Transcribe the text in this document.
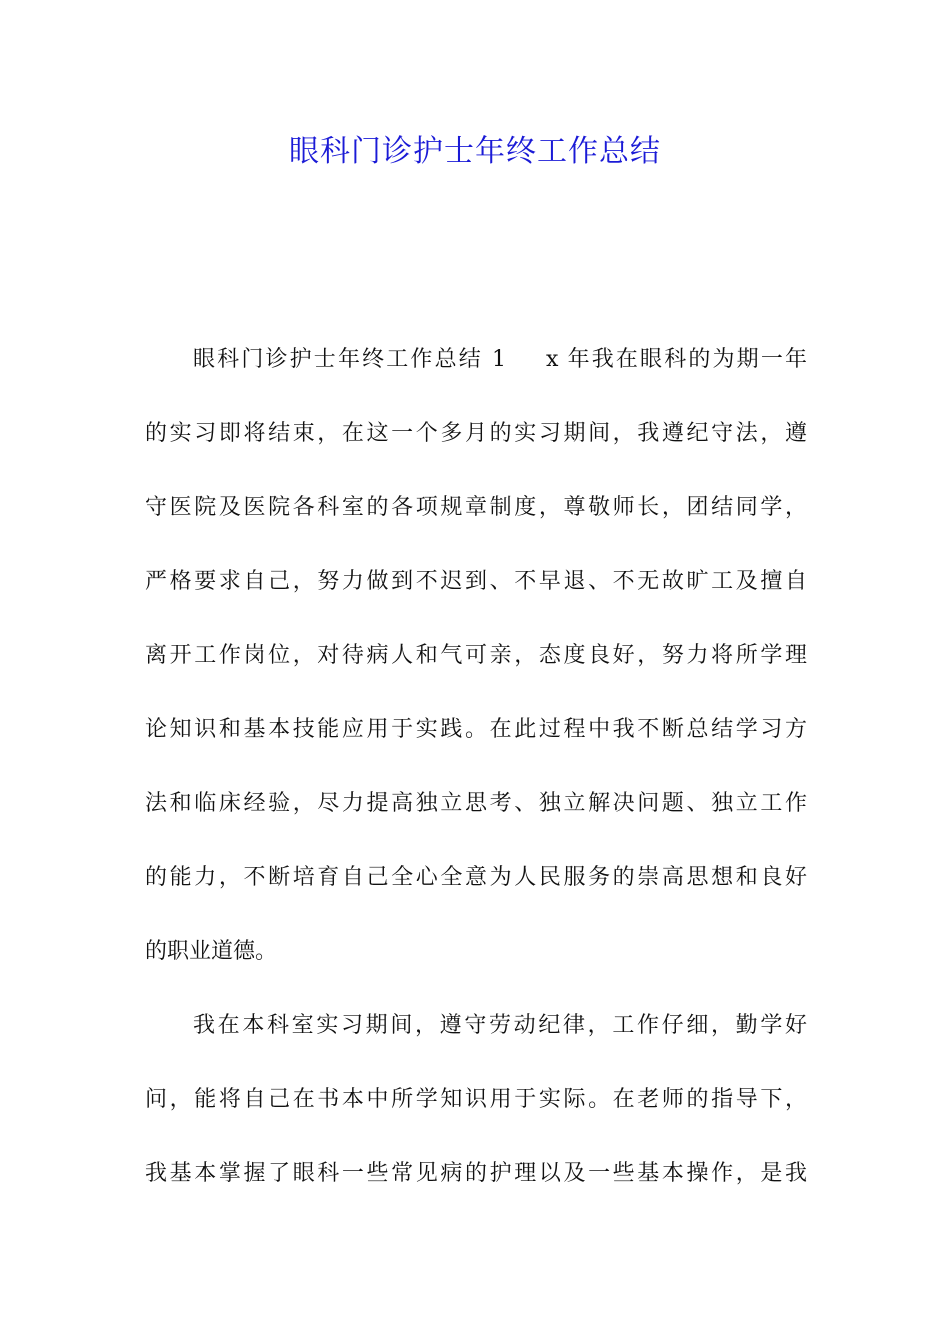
眼科门诊护士年终工作总结
眼科门诊护士年终工作总结 1 x 年我在眼科的为期一年
的实习即将结束，在这一个多月的实习期间，我遵纪守法，遵
守医院及医院各科室的各项规章制度，尊敬师长，团结同学，
严格要求自己，努力做到不迟到、不早退、不无故旷工及擅自
离开工作岗位，对待病人和气可亲，态度良好，努力将所学理
论知识和基本技能应用于实践。在此过程中我不断总结学习方
法和临床经验，尽力提高独立思考、独立解决问题、独立工作
的能力，不断培育自己全心全意为人民服务的崇高思想和良好
的职业道德。
我在本科室实习期间，遵守劳动纪律，工作仔细，勤学好
问，能将自己在书本中所学知识用于实际。在老师的指导下，
我基本掌握了眼科一些常见病的护理以及一些基本操作，是我
